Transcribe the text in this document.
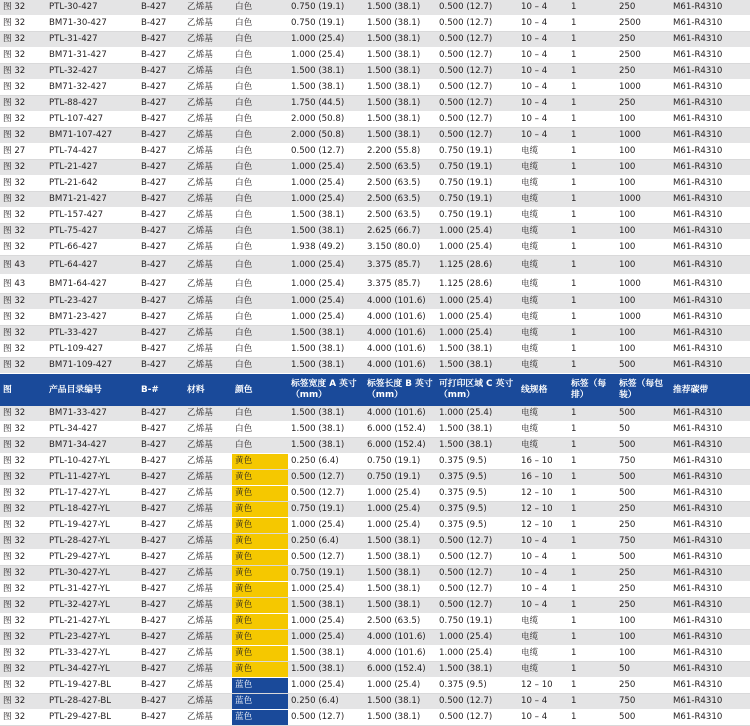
图 32	PTL-30-427	B-427	乙烯基	白色	0.750 (19.1)	1.500 (38.1)	0.500 (12.7)	10 – 4	1	250	M61-R4310
图 32	BM71-30-427	B-427	乙烯基	白色	0.750 (19.1)	1.500 (38.1)	0.500 (12.7)	10 – 4	1	2500	M61-R4310
图 32	PTL-31-427	B-427	乙烯基	白色	1.000 (25.4)	1.500 (38.1)	0.500 (12.7)	10 – 4	1	250	M61-R4310
图 32	BM71-31-427	B-427	乙烯基	白色	1.000 (25.4)	1.500 (38.1)	0.500 (12.7)	10 – 4	1	2500	M61-R4310
图 32	PTL-32-427	B-427	乙烯基	白色	1.500 (38.1)	1.500 (38.1)	0.500 (12.7)	10 – 4	1	250	M61-R4310
图 32	BM71-32-427	B-427	乙烯基	白色	1.500 (38.1)	1.500 (38.1)	0.500 (12.7)	10 – 4	1	1000	M61-R4310
图 32	PTL-88-427	B-427	乙烯基	白色	1.750 (44.5)	1.500 (38.1)	0.500 (12.7)	10 – 4	1	250	M61-R4310
图 32	PTL-107-427	B-427	乙烯基	白色	2.000 (50.8)	1.500 (38.1)	0.500 (12.7)	10 – 4	1	100	M61-R4310
图 32	BM71-107-427	B-427	乙烯基	白色	2.000 (50.8)	1.500 (38.1)	0.500 (12.7)	10 – 4	1	1000	M61-R4310
图 27	PTL-74-427	B-427	乙烯基	白色	0.500 (12.7)	2.200 (55.8)	0.750 (19.1)	电缆	1	100	M61-R4310
图 32	PTL-21-427	B-427	乙烯基	白色	1.000 (25.4)	2.500 (63.5)	0.750 (19.1)	电缆	1	100	M61-R4310
图 32	PTL-21-642	B-427	乙烯基	白色	1.000 (25.4)	2.500 (63.5)	0.750 (19.1)	电缆	1	100	M61-R4310
图 32	BM71-21-427	B-427	乙烯基	白色	1.000 (25.4)	2.500 (63.5)	0.750 (19.1)	电缆	1	1000	M61-R4310
图 32	PTL-157-427	B-427	乙烯基	白色	1.500 (38.1)	2.500 (63.5)	0.750 (19.1)	电缆	1	100	M61-R4310
图 32	PTL-75-427	B-427	乙烯基	白色	1.500 (38.1)	2.625 (66.7)	1.000 (25.4)	电缆	1	100	M61-R4310
图 32	PTL-66-427	B-427	乙烯基	白色	1.938 (49.2)	3.150 (80.0)	1.000 (25.4)	电缆	1	100	M61-R4310
图 43	PTL-64-427	B-427	乙烯基	白色	1.000 (25.4)	3.375 (85.7)	1.125 (28.6)	电缆	1	100	M61-R4310
图 43	BM71-64-427	B-427	乙烯基	白色	1.000 (25.4)	3.375 (85.7)	1.125 (28.6)	电缆	1	1000	M61-R4310
图 32	PTL-23-427	B-427	乙烯基	白色	1.000 (25.4)	4.000 (101.6)	1.000 (25.4)	电缆	1	100	M61-R4310
图 32	BM71-23-427	B-427	乙烯基	白色	1.000 (25.4)	4.000 (101.6)	1.000 (25.4)	电缆	1	1000	M61-R4310
图 32	PTL-33-427	B-427	乙烯基	白色	1.500 (38.1)	4.000 (101.6)	1.000 (25.4)	电缆	1	100	M61-R4310
图 32	PTL-109-427	B-427	乙烯基	白色	1.500 (38.1)	4.000 (101.6)	1.500 (38.1)	电缆	1	100	M61-R4310
图 32	BM71-109-427	B-427	乙烯基	白色	1.500 (38.1)	4.000 (101.6)	1.500 (38.1)	电缆	1	500	M61-R4310
图	产品目录编号	B-#	材料	颜色	标签宽度 A 英寸（mm）	标签长度 B 英寸（mm）	可打印区域 C 英寸（mm）	线规格	标签（每排）	标签（每包装）	推荐碳带
图 32	BM71-33-427	B-427	乙烯基	白色	1.500 (38.1)	4.000 (101.6)	1.000 (25.4)	电缆	1	500	M61-R4310
图 32	PTL-34-427	B-427	乙烯基	白色	1.500 (38.1)	6.000 (152.4)	1.500 (38.1)	电缆	1	50	M61-R4310
图 32	BM71-34-427	B-427	乙烯基	白色	1.500 (38.1)	6.000 (152.4)	1.500 (38.1)	电缆	1	500	M61-R4310
图 32	PTL-10-427-YL	B-427	乙烯基	黄色	0.250 (6.4)	0.750 (19.1)	0.375 (9.5)	16 – 10	1	750	M61-R4310
图 32	PTL-11-427-YL	B-427	乙烯基	黄色	0.500 (12.7)	0.750 (19.1)	0.375 (9.5)	16 – 10	1	500	M61-R4310
图 32	PTL-17-427-YL	B-427	乙烯基	黄色	0.500 (12.7)	1.000 (25.4)	0.375 (9.5)	12 – 10	1	500	M61-R4310
图 32	PTL-18-427-YL	B-427	乙烯基	黄色	0.750 (19.1)	1.000 (25.4)	0.375 (9.5)	12 – 10	1	250	M61-R4310
图 32	PTL-19-427-YL	B-427	乙烯基	黄色	1.000 (25.4)	1.000 (25.4)	0.375 (9.5)	12 – 10	1	250	M61-R4310
图 32	PTL-28-427-YL	B-427	乙烯基	黄色	0.250 (6.4)	1.500 (38.1)	0.500 (12.7)	10 – 4	1	750	M61-R4310
图 32	PTL-29-427-YL	B-427	乙烯基	黄色	0.500 (12.7)	1.500 (38.1)	0.500 (12.7)	10 – 4	1	500	M61-R4310
图 32	PTL-30-427-YL	B-427	乙烯基	黄色	0.750 (19.1)	1.500 (38.1)	0.500 (12.7)	10 – 4	1	250	M61-R4310
图 32	PTL-31-427-YL	B-427	乙烯基	黄色	1.000 (25.4)	1.500 (38.1)	0.500 (12.7)	10 – 4	1	250	M61-R4310
图 32	PTL-32-427-YL	B-427	乙烯基	黄色	1.500 (38.1)	1.500 (38.1)	0.500 (12.7)	10 – 4	1	250	M61-R4310
图 32	PTL-21-427-YL	B-427	乙烯基	黄色	1.000 (25.4)	2.500 (63.5)	0.750 (19.1)	电缆	1	100	M61-R4310
图 32	PTL-23-427-YL	B-427	乙烯基	黄色	1.000 (25.4)	4.000 (101.6)	1.000 (25.4)	电缆	1	100	M61-R4310
图 32	PTL-33-427-YL	B-427	乙烯基	黄色	1.500 (38.1)	4.000 (101.6)	1.000 (25.4)	电缆	1	100	M61-R4310
图 32	PTL-34-427-YL	B-427	乙烯基	黄色	1.500 (38.1)	6.000 (152.4)	1.500 (38.1)	电缆	1	50	M61-R4310
图 32	PTL-19-427-BL	B-427	乙烯基	蓝色	1.000 (25.4)	1.000 (25.4)	0.375 (9.5)	12 – 10	1	250	M61-R4310
图 32	PTL-28-427-BL	B-427	乙烯基	蓝色	0.250 (6.4)	1.500 (38.1)	0.500 (12.7)	10 – 4	1	750	M61-R4310
图 32	PTL-29-427-BL	B-427	乙烯基	蓝色	0.500 (12.7)	1.500 (38.1)	0.500 (12.7)	10 – 4	1	500	M61-R4310
